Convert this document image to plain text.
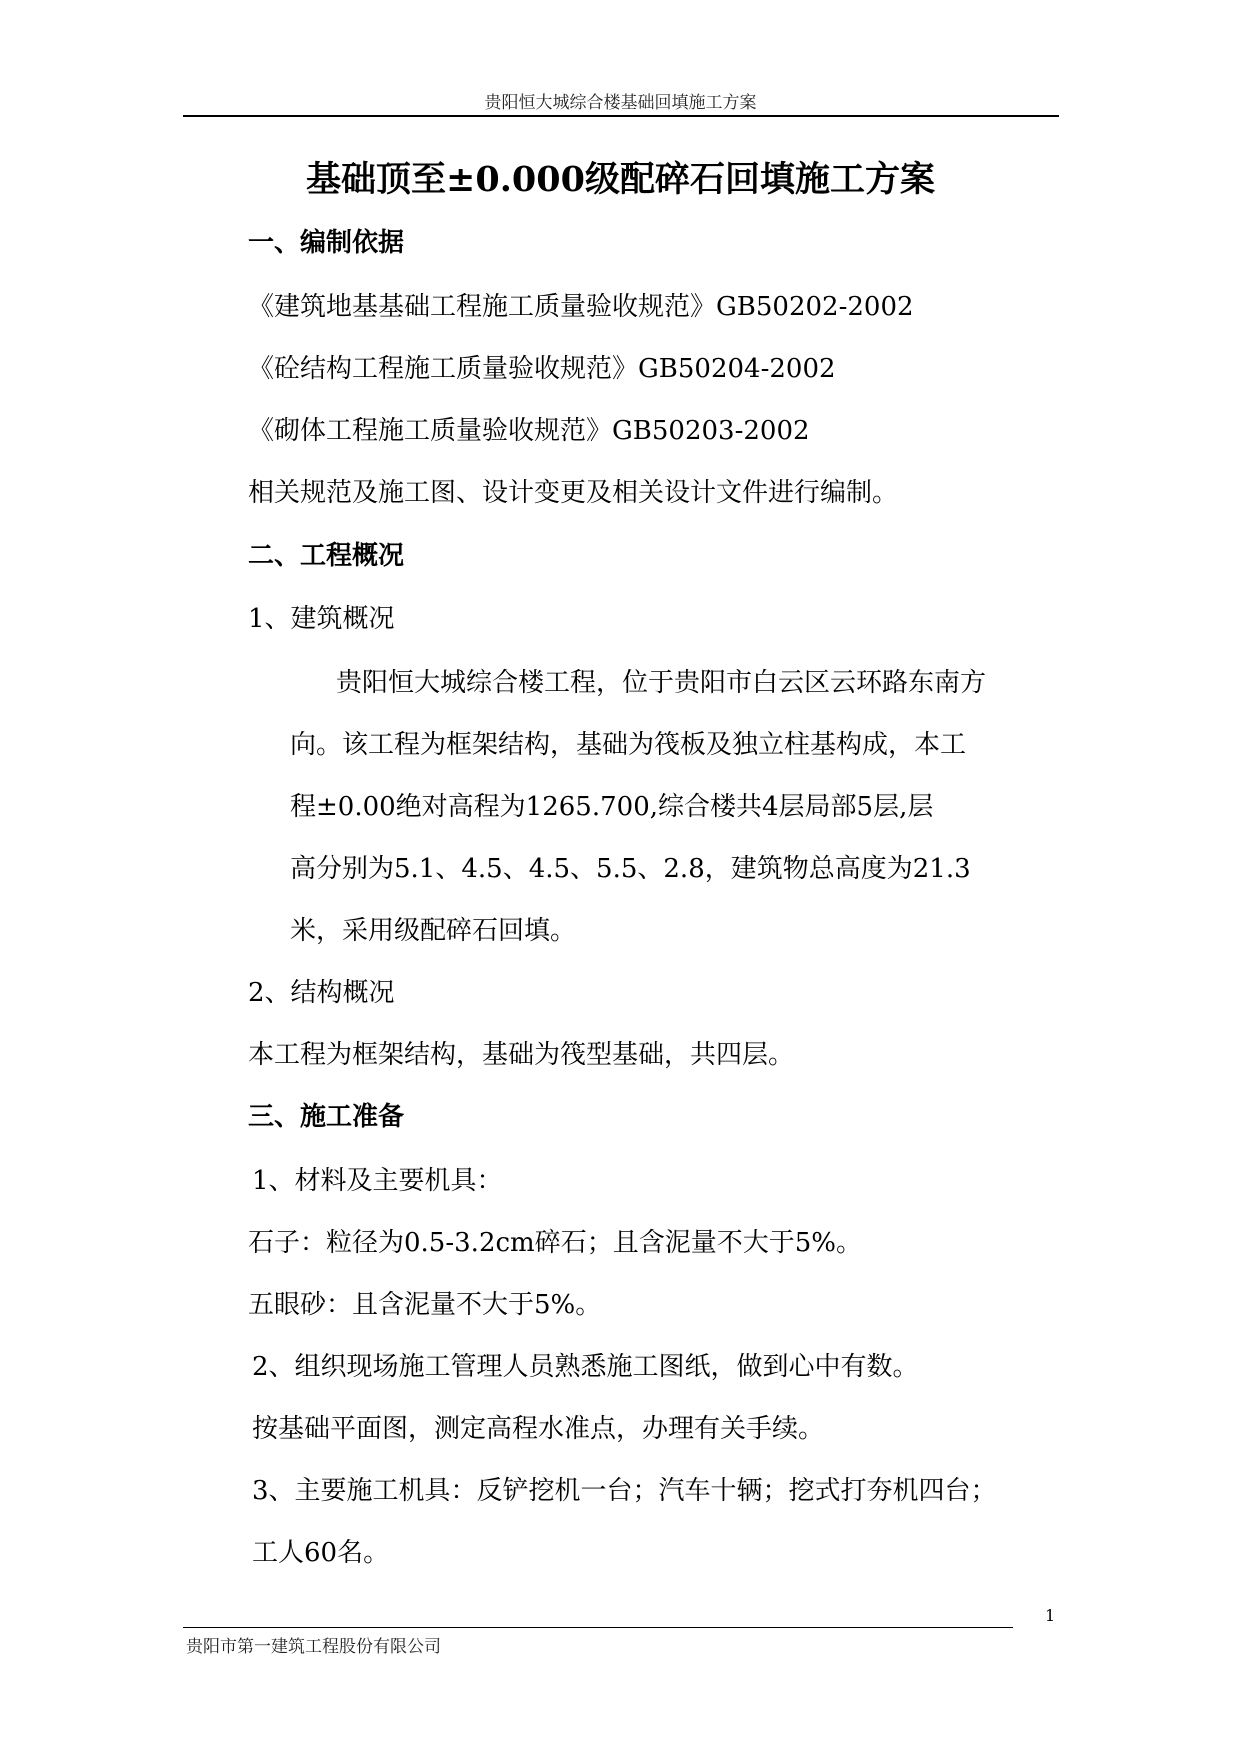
贵阳恒大城综合楼基础回填施工方案
基础顶至±0.000级配碎石回填施工方案
一、编制依据
《建筑地基基础工程施工质量验收规范》GB50202-2002
《砼结构工程施工质量验收规范》GB50204-2002
《砌体工程施工质量验收规范》GB50203-2002
相关规范及施工图、设计变更及相关设计文件进行编制。
二、工程概况
1、建筑概况
贵阳恒大城综合楼工程，位于贵阳市白云区云环路东南方
向。该工程为框架结构，基础为筏板及独立柱基构成，本工
程±0.00绝对高程为1265.700,综合楼共4层局部5层,层
高分别为5.1、4.5、4.5、5.5、2.8，建筑物总高度为21.3
米，采用级配碎石回填。
2、结构概况
本工程为框架结构，基础为筏型基础，共四层。
三、施工准备
1、材料及主要机具：
石子：粒径为0.5-3.2cm碎石；且含泥量不大于5%。
五眼砂：且含泥量不大于5%。
2、组织现场施工管理人员熟悉施工图纸，做到心中有数。
按基础平面图，测定高程水准点，办理有关手续。
3、主要施工机具：反铲挖机一台；汽车十辆；挖式打夯机四台；
工人60名。
1
贵阳市第一建筑工程股份有限公司
